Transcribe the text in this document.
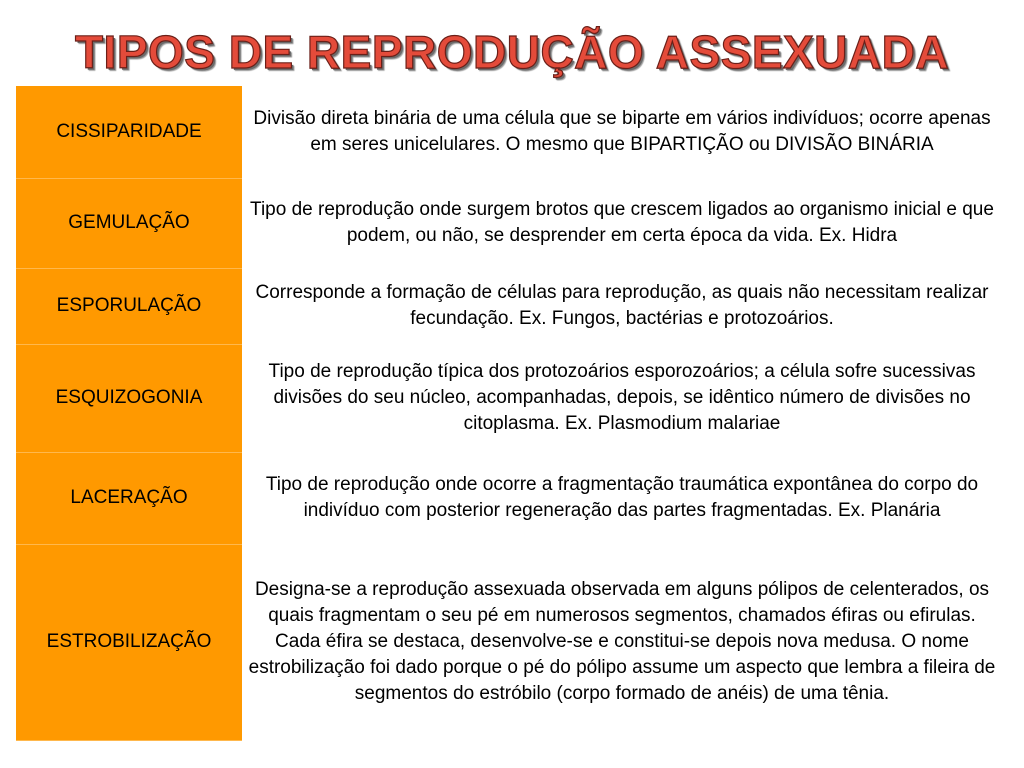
TIPOS DE REPRODUÇÃO ASSEXUADA
CISSIPARIDADE	Divisão direta binária de uma célula que se biparte em vários indivíduos; ocorre apenas em seres unicelulares. O mesmo que BIPARTIÇÃO ou DIVISÃO BINÁRIA
GEMULAÇÃO	Tipo de reprodução onde surgem brotos que crescem ligados ao organismo inicial e que podem, ou não, se desprender em certa época da vida. Ex. Hidra
ESPORULAÇÃO	Corresponde a formação de células para reprodução, as quais não necessitam realizar fecundação. Ex. Fungos, bactérias e protozoários.
ESQUIZOGONIA	Tipo de reprodução típica dos protozoários esporozoários; a célula sofre sucessivas divisões do seu núcleo, acompanhadas, depois, se idêntico número de divisões no citoplasma. Ex. Plasmodium malariae
LACERAÇÃO	Tipo de reprodução onde ocorre a fragmentação traumática expontânea do corpo do indivíduo com posterior regeneração das partes fragmentadas. Ex. Planária
ESTROBILIZAÇÃO	Designa-se a reprodução assexuada observada em alguns pólipos de celenterados, os quais fragmentam o seu pé em numerosos segmentos, chamados éfiras ou efirulas. Cada éfira se destaca, desenvolve-se e constitui-se depois nova medusa. O nome estrobilização foi dado porque o pé do pólipo assume um aspecto que lembra a fileira de segmentos do estróbilo (corpo formado de anéis) de uma tênia.
